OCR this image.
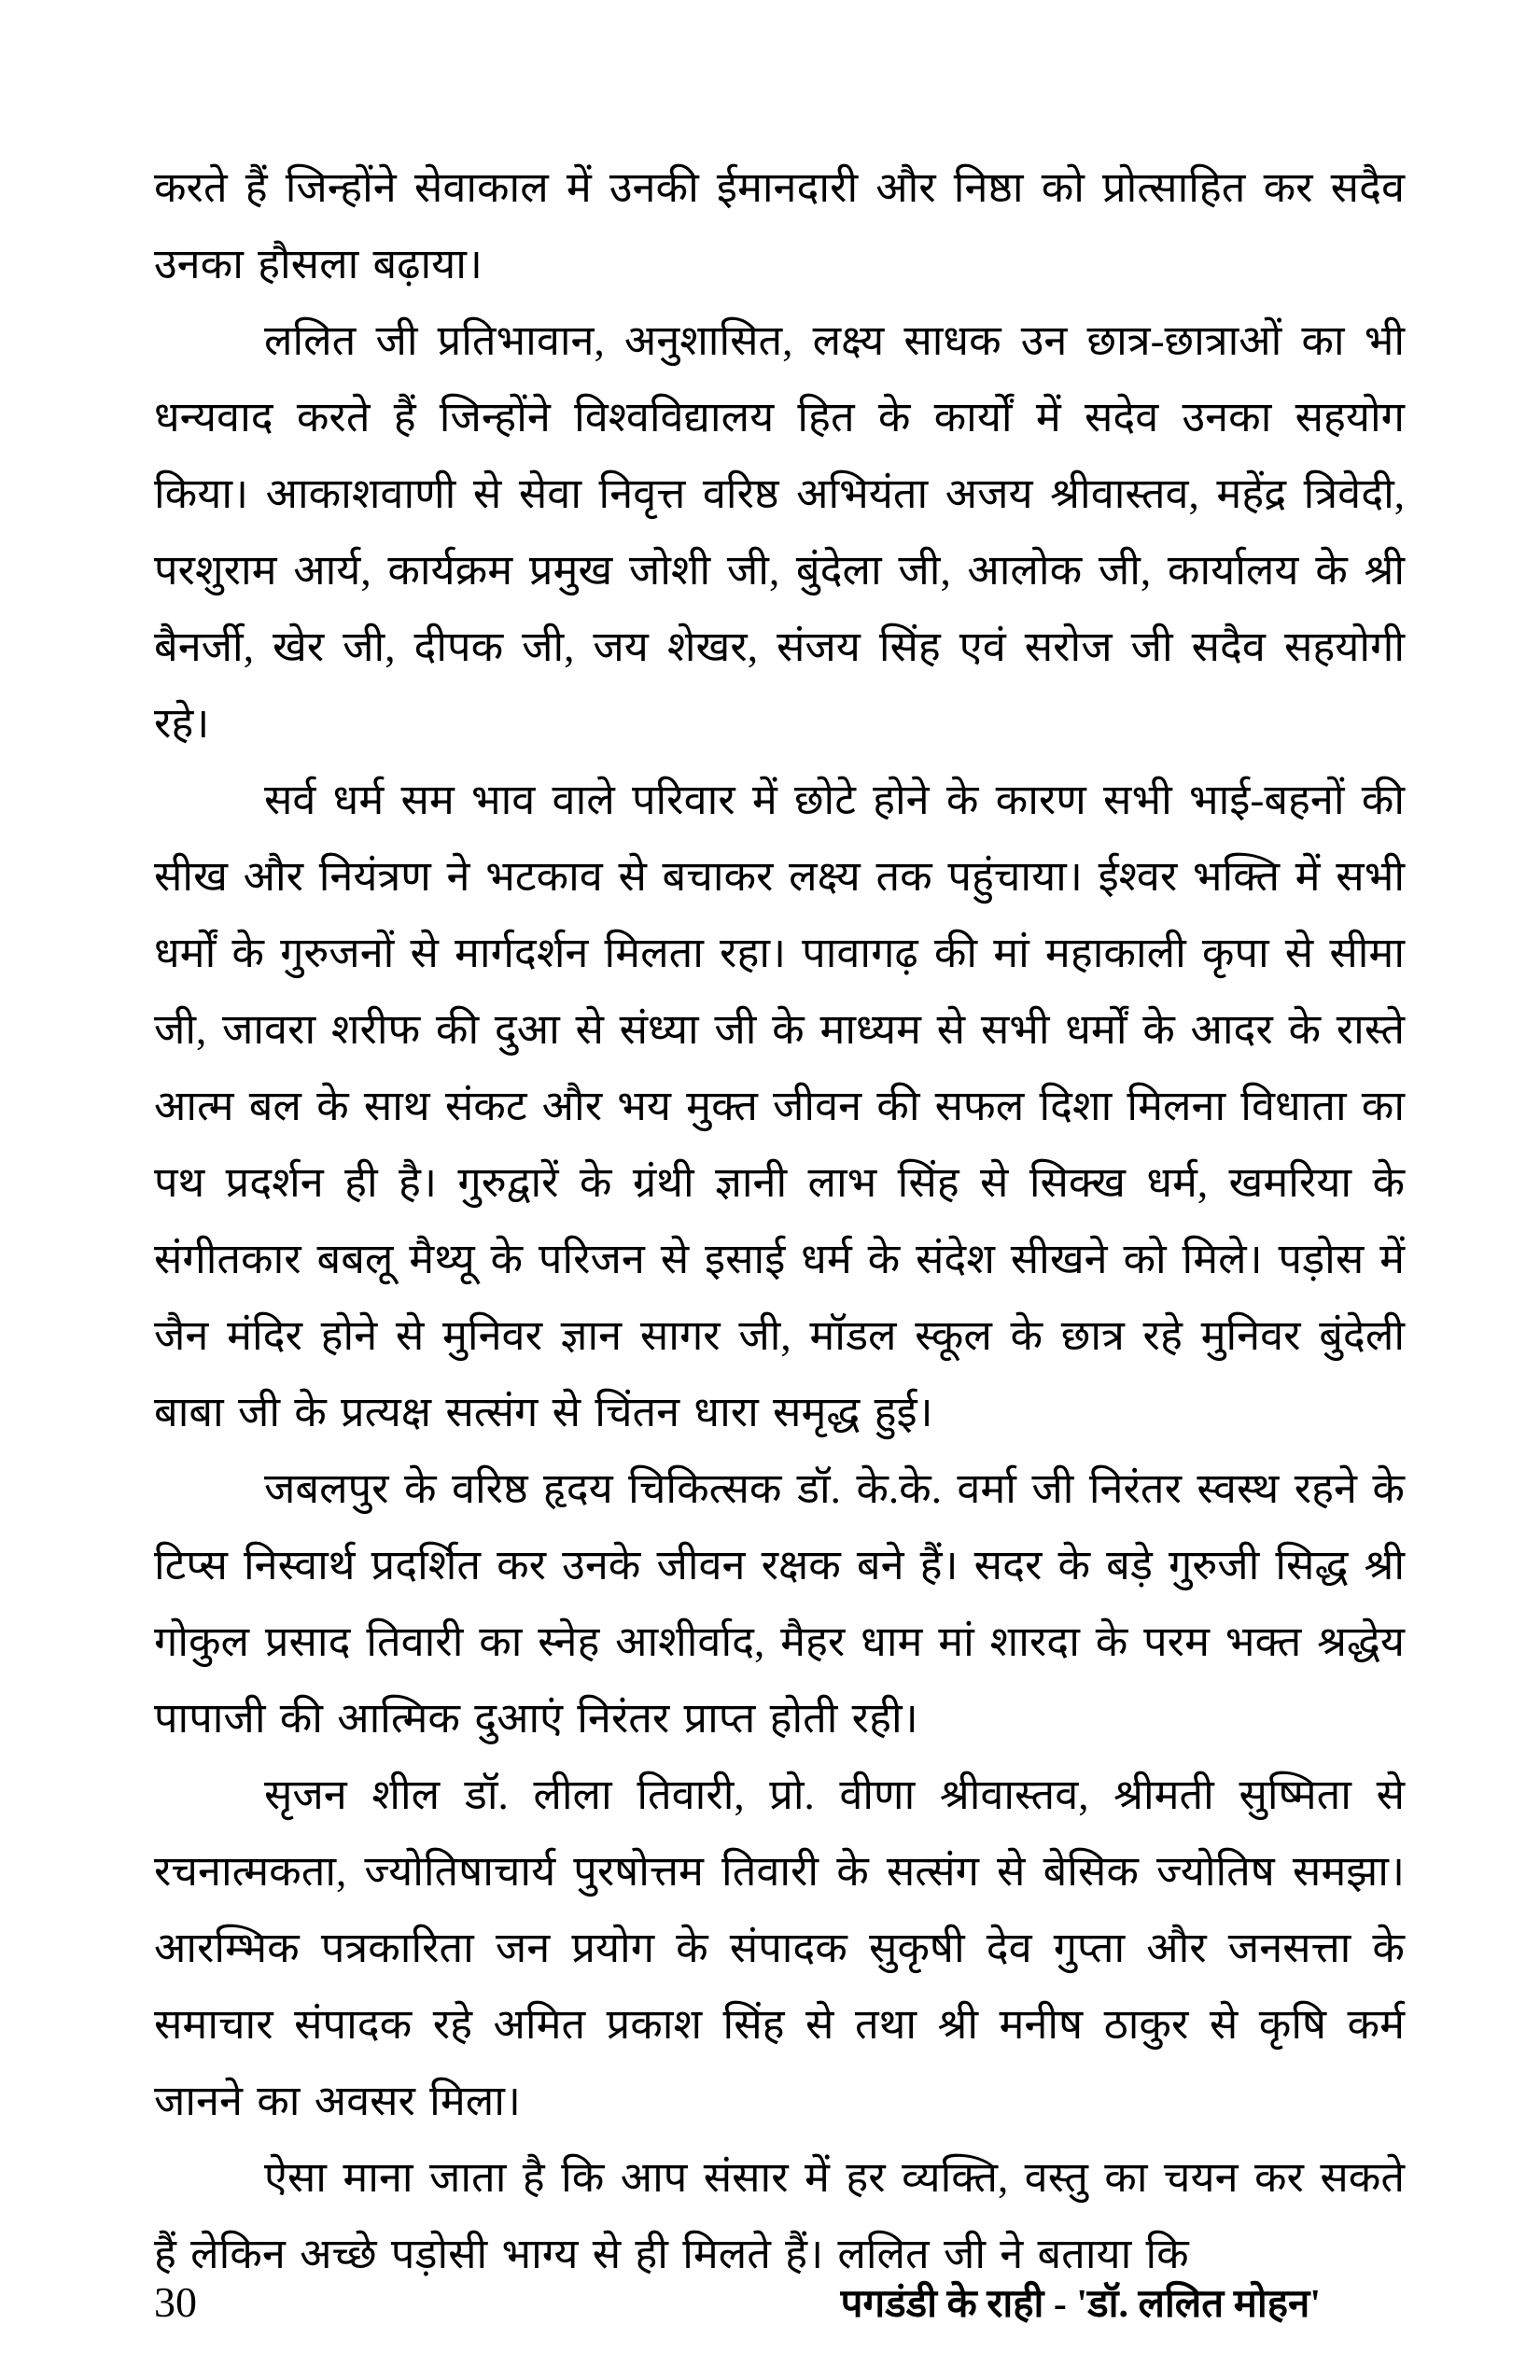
करते हैं जिन्होंने सेवाकाल में उनकी ईमानदारी और निष्ठा को प्रोत्साहित कर सदैव उनका हौसला बढ़ाया।

ललित जी प्रतिभावान, अनुशासित, लक्ष्य साधक उन छात्र-छात्राओं का भी धन्यवाद करते हैं जिन्होंने विश्वविद्यालय हित के कार्यों में सदेव उनका सहयोग किया। आकाशवाणी से सेवा निवृत्त वरिष्ठ अभियंता अजय श्रीवास्तव, महेंद्र त्रिवेदी, परशुराम आर्य, कार्यक्रम प्रमुख जोशी जी, बुंदेला जी, आलोक जी, कार्यालय के श्री बैनर्जी, खेर जी, दीपक जी, जय शेखर, संजय सिंह एवं सरोज जी सदैव सहयोगी रहे।

सर्व धर्म सम भाव वाले परिवार में छोटे होने के कारण सभी भाई-बहनों की सीख और नियंत्रण ने भटकाव से बचाकर लक्ष्य तक पहुंचाया। ईश्वर भक्ति में सभी धर्मों के गुरुजनों से मार्गदर्शन मिलता रहा। पावागढ़ की मां महाकाली कृपा से सीमा जी, जावरा शरीफ की दुआ से संध्या जी के माध्यम से सभी धर्मों के आदर के रास्ते आत्म बल के साथ संकट और भय मुक्त जीवन की सफल दिशा मिलना विधाता का पथ प्रदर्शन ही है। गुरुद्वारें के ग्रंथी ज्ञानी लाभ सिंह से सिक्ख धर्म, खमरिया के संगीतकार बबलू मैथ्यू के परिजन से इसाई धर्म के संदेश सीखने को मिले। पड़ोस में जैन मंदिर होने से मुनिवर ज्ञान सागर जी, मॉडल स्कूल के छात्र रहे मुनिवर बुंदेली बाबा जी के प्रत्यक्ष सत्संग से चिंतन धारा समृद्ध हुई।

जबलपुर के वरिष्ठ हृदय चिकित्सक डॉ. के.के. वर्मा जी निरंतर स्वस्थ रहने के टिप्स निस्वार्थ प्रदर्शित कर उनके जीवन रक्षक बने हैं। सदर के बड़े गुरुजी सिद्ध श्री गोकुल प्रसाद तिवारी का स्नेह आशीर्वाद, मैहर धाम मां शारदा के परम भक्त श्रद्धेय पापाजी की आत्मिक दुआएं निरंतर प्राप्त होती रही।

सृजन शील डॉ. लीला तिवारी, प्रो. वीणा श्रीवास्तव, श्रीमती सुष्मिता से रचनात्मकता, ज्योतिषाचार्य पुरषोत्तम तिवारी के सत्संग से बेसिक ज्योतिष समझा। आरम्भिक पत्रकारिता जन प्रयोग के संपादक सुकृषी देव गुप्ता और जनसत्ता के समाचार संपादक रहे अमित प्रकाश सिंह से तथा श्री मनीष ठाकुर से कृषि कर्म जानने का अवसर मिला।

ऐसा माना जाता है कि आप संसार में हर व्यक्ति, वस्तु का चयन कर सकते हैं लेकिन अच्छे पड़ोसी भाग्य से ही मिलते हैं। ललित जी ने बताया कि

30	पगडंडी के राही - 'डॉ. ललित मोहन'
